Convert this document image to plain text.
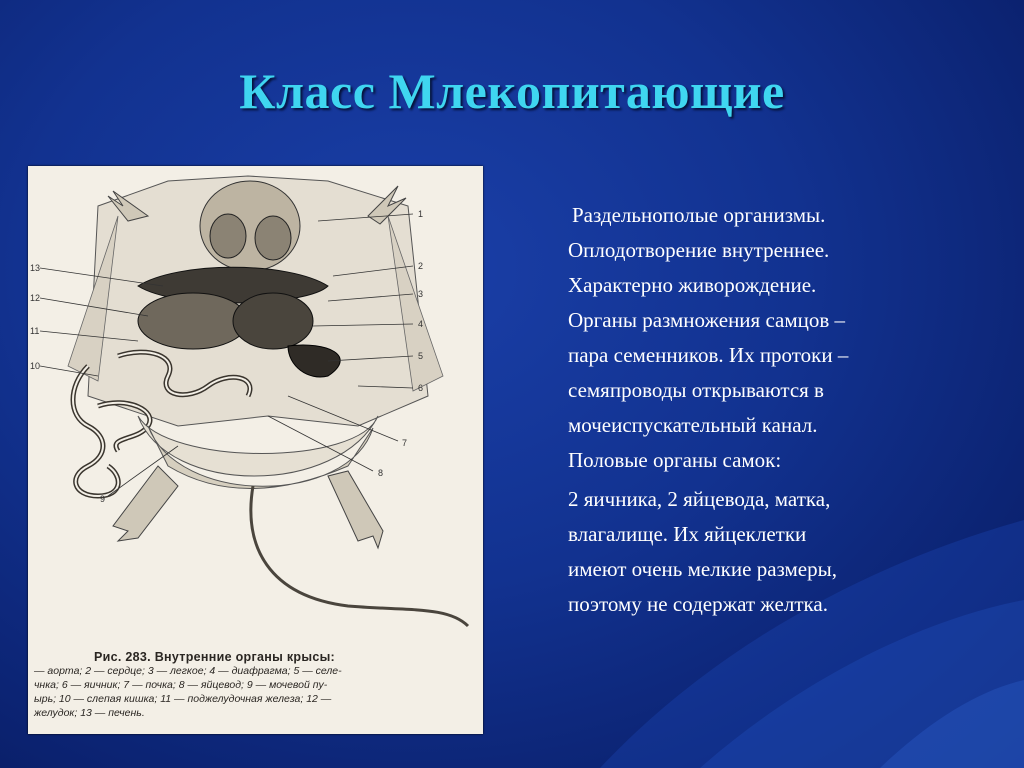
Класс Млекопитающие
1
2
3
4
5
6
7
8
9
10
11
12
13
Рис. 283. Внутренние органы крысы:
— аорта; 2 — сердце; 3 — легкое; 4 — диафрагма; 5 — селе-
чнка; 6 — яичник; 7 — почка; 8 — яйцевод; 9 — мочевой пу-
ырь; 10 — слепая кишка; 11 — поджелудочная железа; 12 —
желудок; 13 — печень.

Раздельнополые организмы.

Оплодотворение внутреннее.
Характерно живорождение.
Органы размножения самцов –
пара семенников. Их протоки –
семяпроводы открываются в
мочеиспускательный канал.
Половые органы самок:

2 яичника, 2 яйцевода, матка,
влагалище. Их яйцеклетки
имеют очень мелкие размеры,
поэтому не содержат желтка.
